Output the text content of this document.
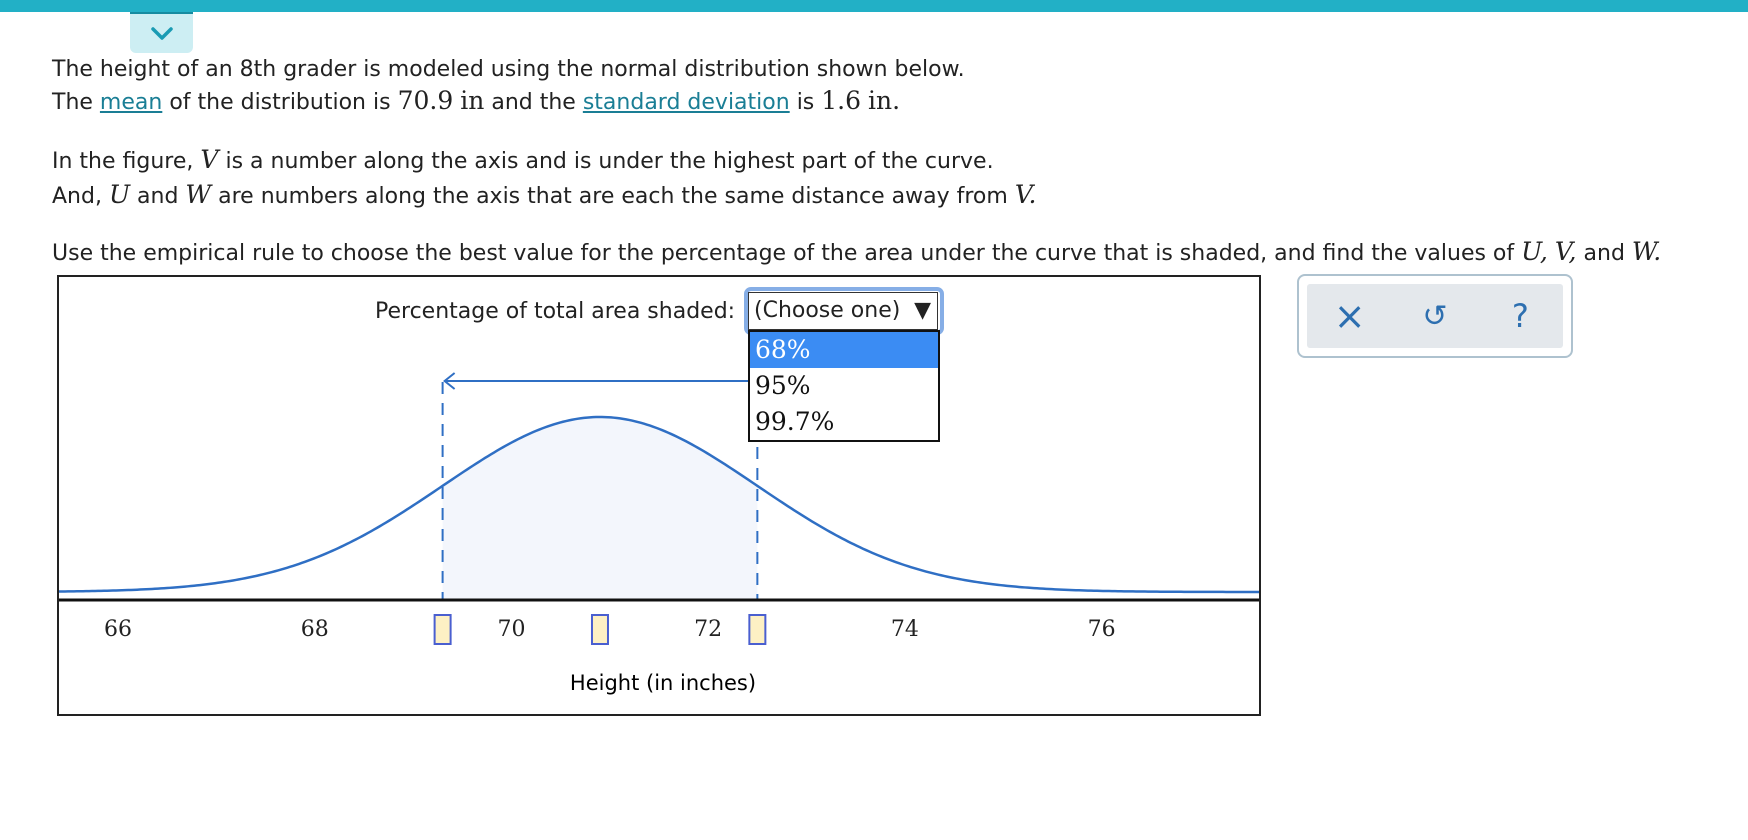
The height of an 8th grader is modeled using the normal distribution shown below.
The mean of the distribution is 70.9 in and the standard deviation is 1.6 in.
In the figure, V is a number along the axis and is under the highest part of the curve.
And, U and W are numbers along the axis that are each the same distance away from V.
Use the empirical rule to choose the best value for the percentage of the area under the curve that is shaded, and find the values of U, V, and W.
66	68	70	72	74	76
Height (in inches)
Percentage of total area shaded: (Choose one) ▼
68%
95%
99.7%
× ↺ ?
